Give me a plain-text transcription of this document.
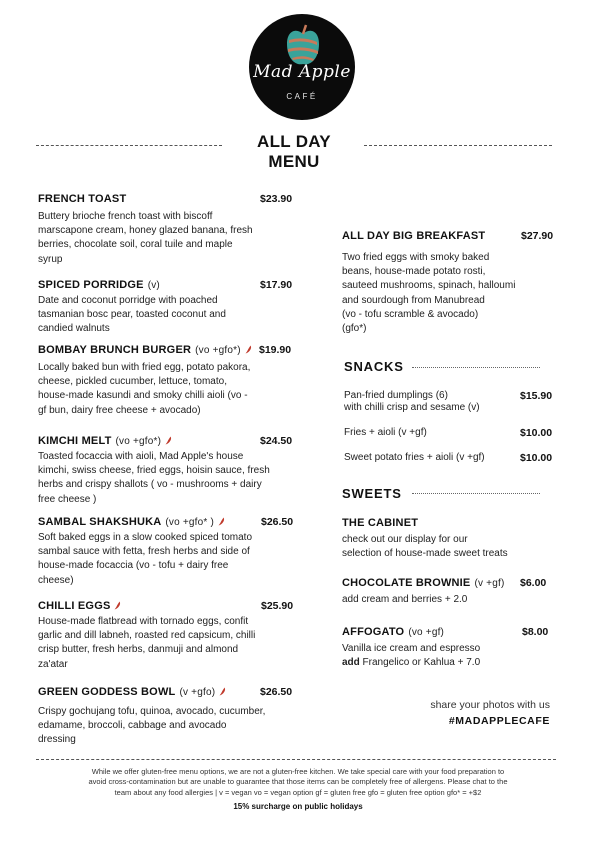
Mad Apple
CAFÉ
ALL DAY MENU
FRENCH TOAST	$23.90
Buttery brioche french toast with biscoff
marscapone cream, honey glazed banana, fresh
berries, chocolate soil, coral tuile and maple
syrup
SPICED PORRIDGE (v)	$17.90
Date and coconut porridge with poached
tasmanian bosc pear, toasted coconut and
candied walnuts
BOMBAY BRUNCH BURGER (vo +gfo*)	$19.90
Locally baked bun with fried egg, potato pakora,
cheese, pickled cucumber, lettuce, tomato,
house-made kasundi and smoky chilli aioli (vo -
gf bun, dairy free cheese + avocado)
KIMCHI MELT (vo +gfo*)	$24.50
Toasted focaccia with aioli, Mad Apple's house
kimchi, swiss cheese, fried eggs, hoisin sauce, fresh
herbs and crispy shallots ( vo - mushrooms + dairy
free cheese )
SAMBAL SHAKSHUKA (vo +gfo* )	$26.50
Soft baked eggs in a slow cooked spiced tomato
sambal sauce with fetta, fresh herbs and side of
house-made focaccia (vo - tofu + dairy free
cheese)
CHILLI EGGS	$25.90
House-made flatbread with tornado eggs, confit
garlic and dill labneh, roasted red capsicum, chilli
crisp butter, fresh herbs, danmuji and almond
za'atar
GREEN GODDESS BOWL (v +gfo)	$26.50
Crispy gochujang tofu, quinoa, avocado, cucumber,
edamame, broccoli, cabbage and avocado
dressing
ALL DAY BIG BREAKFAST	$27.90
Two fried eggs with smoky baked
beans, house-made potato rosti,
sauteed mushrooms, spinach, halloumi
and sourdough from Manubread
(vo - tofu scramble & avocado)
(gfo*)
SNACKS
Pan-fried dumplings (6)
with chilli crisp and sesame (v)
$15.90
Fries + aioli (v +gf)	$10.00
Sweet potato fries + aioli (v +gf)	$10.00
SWEETS
THE CABINET
check out our display for our
selection of house-made sweet treats
CHOCOLATE BROWNIE (v +gf) $6.00
add cream and berries + 2.0
AFFOGATO (vo +gf)	$8.00
Vanilla ice cream and espresso
add Frangelico or Kahlua + 7.0
share your photos with us
#MADAPPLECAFE
While we offer gluten-free menu options, we are not a gluten-free kitchen. We take special care with your food preparation to
avoid cross-contamination but are unable to guarantee that those items can be completely free of allergens. Please chat to the
team about any food allergies | v = vegan vo = vegan option gf = gluten free gfo = gluten free option gfo* = +$2
15% surcharge on public holidays
